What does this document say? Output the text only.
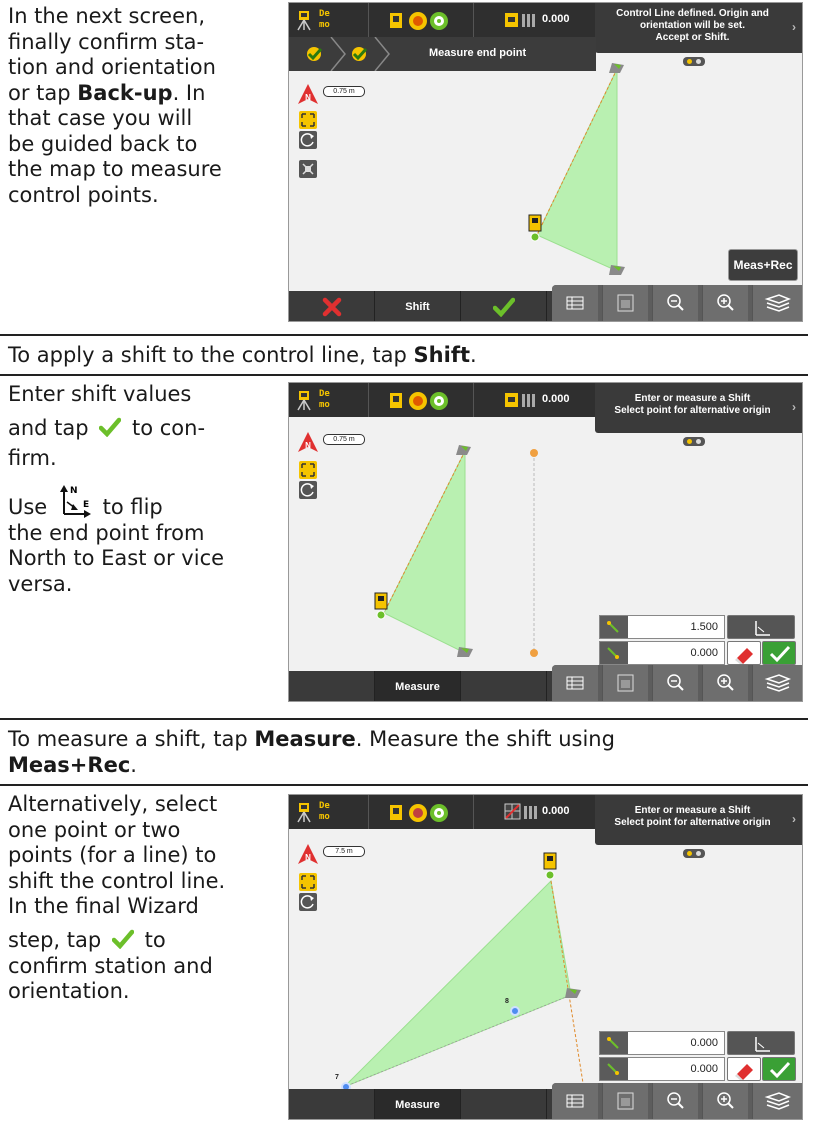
In the next screen,
finally confirm sta-
tion and orientation
or tap Back-up. In
that case you will
be guided back to
the map to measure
control points.
De
mo	0.000	Control Line defined. Origin and
orientation will be set.
Accept or Shift.
›
Measure end point
N
0.75 m
Meas+Rec
Shift
To apply a shift to the control line, tap Shift.
Enter shift values
and tap to con-
firm.
Use
N
E to flip
the end point from
North to East or vice
versa.
De
mo	0.000	Enter or measure a Shift
Select point for alternative origin	›
N
0.75 m
1.500
0.000
Measure
To measure a shift, tap Measure. Measure the shift using
Meas+Rec.
Alternatively, select
one point or two
points (for a line) to
shift the control line.
In the final Wizard
step, tap to
confirm station and
orientation.
De
mo	0.000	Enter or measure a Shift
Select point for alternative origin	›
N
7.5 m
8
7
0.000
0.000
Measure
